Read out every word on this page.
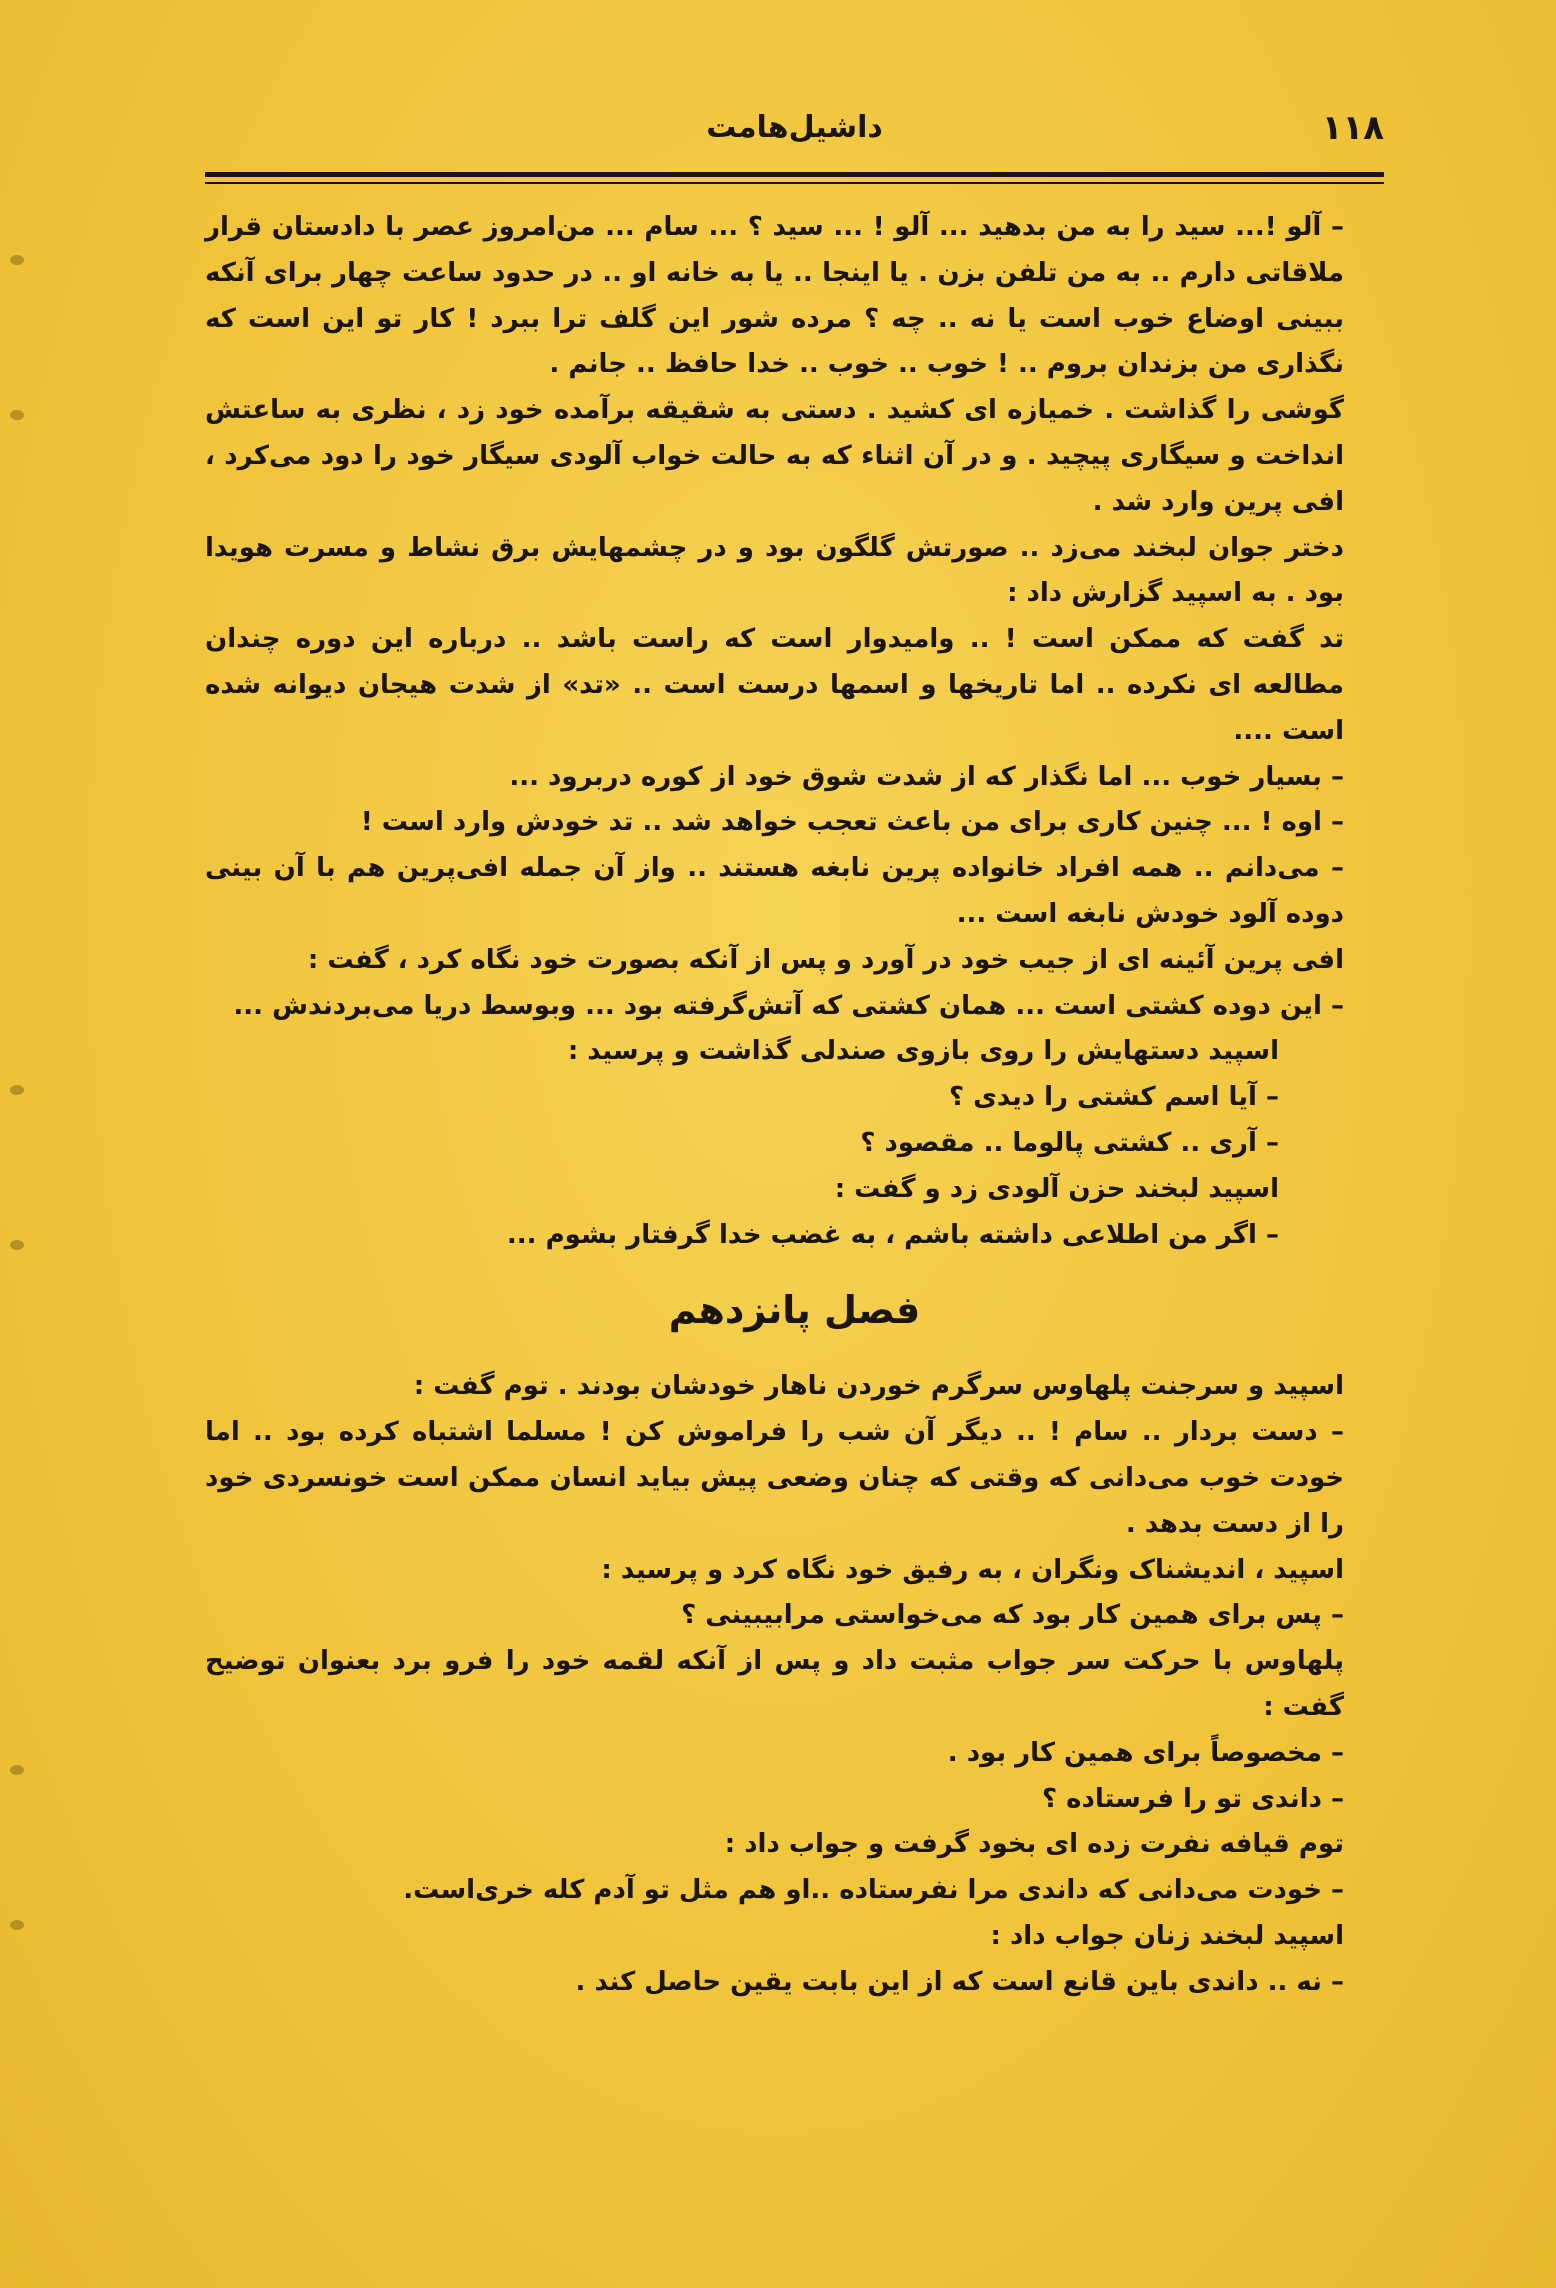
۱۱۸
داشیل‌هامت

– آلو !... سید را به من بدهید ... آلو ! ... سید ؟ ... سام ... من‌امروز عصر با دادستان قرار ملاقاتی دارم .. به من تلفن بزن . یا اینجا .. یا به خانه او .. در حدود ساعت چهار برای آنکه ببینی اوضاع خوب است یا نه .. چه ؟ مرده شور این گلف ترا ببرد ! کار تو این است که نگذاری من بزندان بروم .. ! خوب .. خوب .. خدا حافظ .. جانم .

گوشی را گذاشت . خمیازه ای کشید . دستی به شقیقه برآمده خود زد ، نظری به ساعتش انداخت و سیگاری پیچید . و در آن اثناء که به حالت خواب آلودی سیگار خود را دود می‌کرد ، افی پرین وارد شد .

دختر جوان لبخند می‌زد .. صورتش گلگون بود و در چشمهایش برق نشاط و مسرت هویدا بود . به اسپید گزارش داد :

تد گفت که ممکن است ! .. وامیدوار است که راست باشد .. درباره این دوره چندان مطالعه ای نکرده .. اما تاریخها و اسمها درست است .. «تد» از شدت هیجان دیوانه شده است ....

– بسیار خوب ... اما نگذار که از شدت شوق خود از کوره دربرود ...

– اوه ! ... چنین کاری برای من باعث تعجب خواهد شد .. تد خودش وارد است !

– می‌دانم .. همه افراد خانواده پرین نابغه هستند .. واز آن جمله افی‌پرین هم با آن بینی دوده آلود خودش نابغه است ...

افی پرین آئینه ای از جیب خود در آورد و پس از آنکه بصورت خود نگاه کرد ، گفت :

– این دوده کشتی است ... همان کشتی که آتش‌گرفته بود ... وبوسط دریا می‌بردندش ...

اسپید دستهایش را روی بازوی صندلی گذاشت و پرسید :

– آیا اسم کشتی را دیدی ؟

– آری .. کشتی پالوما .. مقصود ؟

اسپید لبخند حزن آلودی زد و گفت :

– اگر من اطلاعی داشته باشم ، به غضب خدا گرفتار بشوم ...

فصل پانزدهم

اسپید و سرجنت پلهاوس سرگرم خوردن ناهار خودشان بودند . توم گفت :

– دست بردار .. سام ! .. دیگر آن شب را فراموش کن ! مسلما اشتباه کرده بود .. اما خودت خوب می‌دانی که وقتی که چنان وضعی پیش بیاید انسان ممکن است خونسردی خود را از دست بدهد .

اسپید ، اندیشناک ونگران ، به رفیق خود نگاه کرد و پرسید :

– پس برای همین کار بود که می‌خواستی مرابیبینی ؟

پلهاوس با حرکت سر جواب مثبت داد و پس از آنکه لقمه خود را فرو برد بعنوان توضیح گفت :

– مخصوصاً برای همین کار بود .

– داندی تو را فرستاده ؟

توم قیافه نفرت زده ای بخود گرفت و جواب داد :

– خودت می‌دانی که داندی مرا نفرستاده ..او هم مثل تو آدم کله خری‌است.

اسپید لبخند زنان جواب داد :

– نه .. داندی باین قانع است که از این بابت یقین حاصل کند .
